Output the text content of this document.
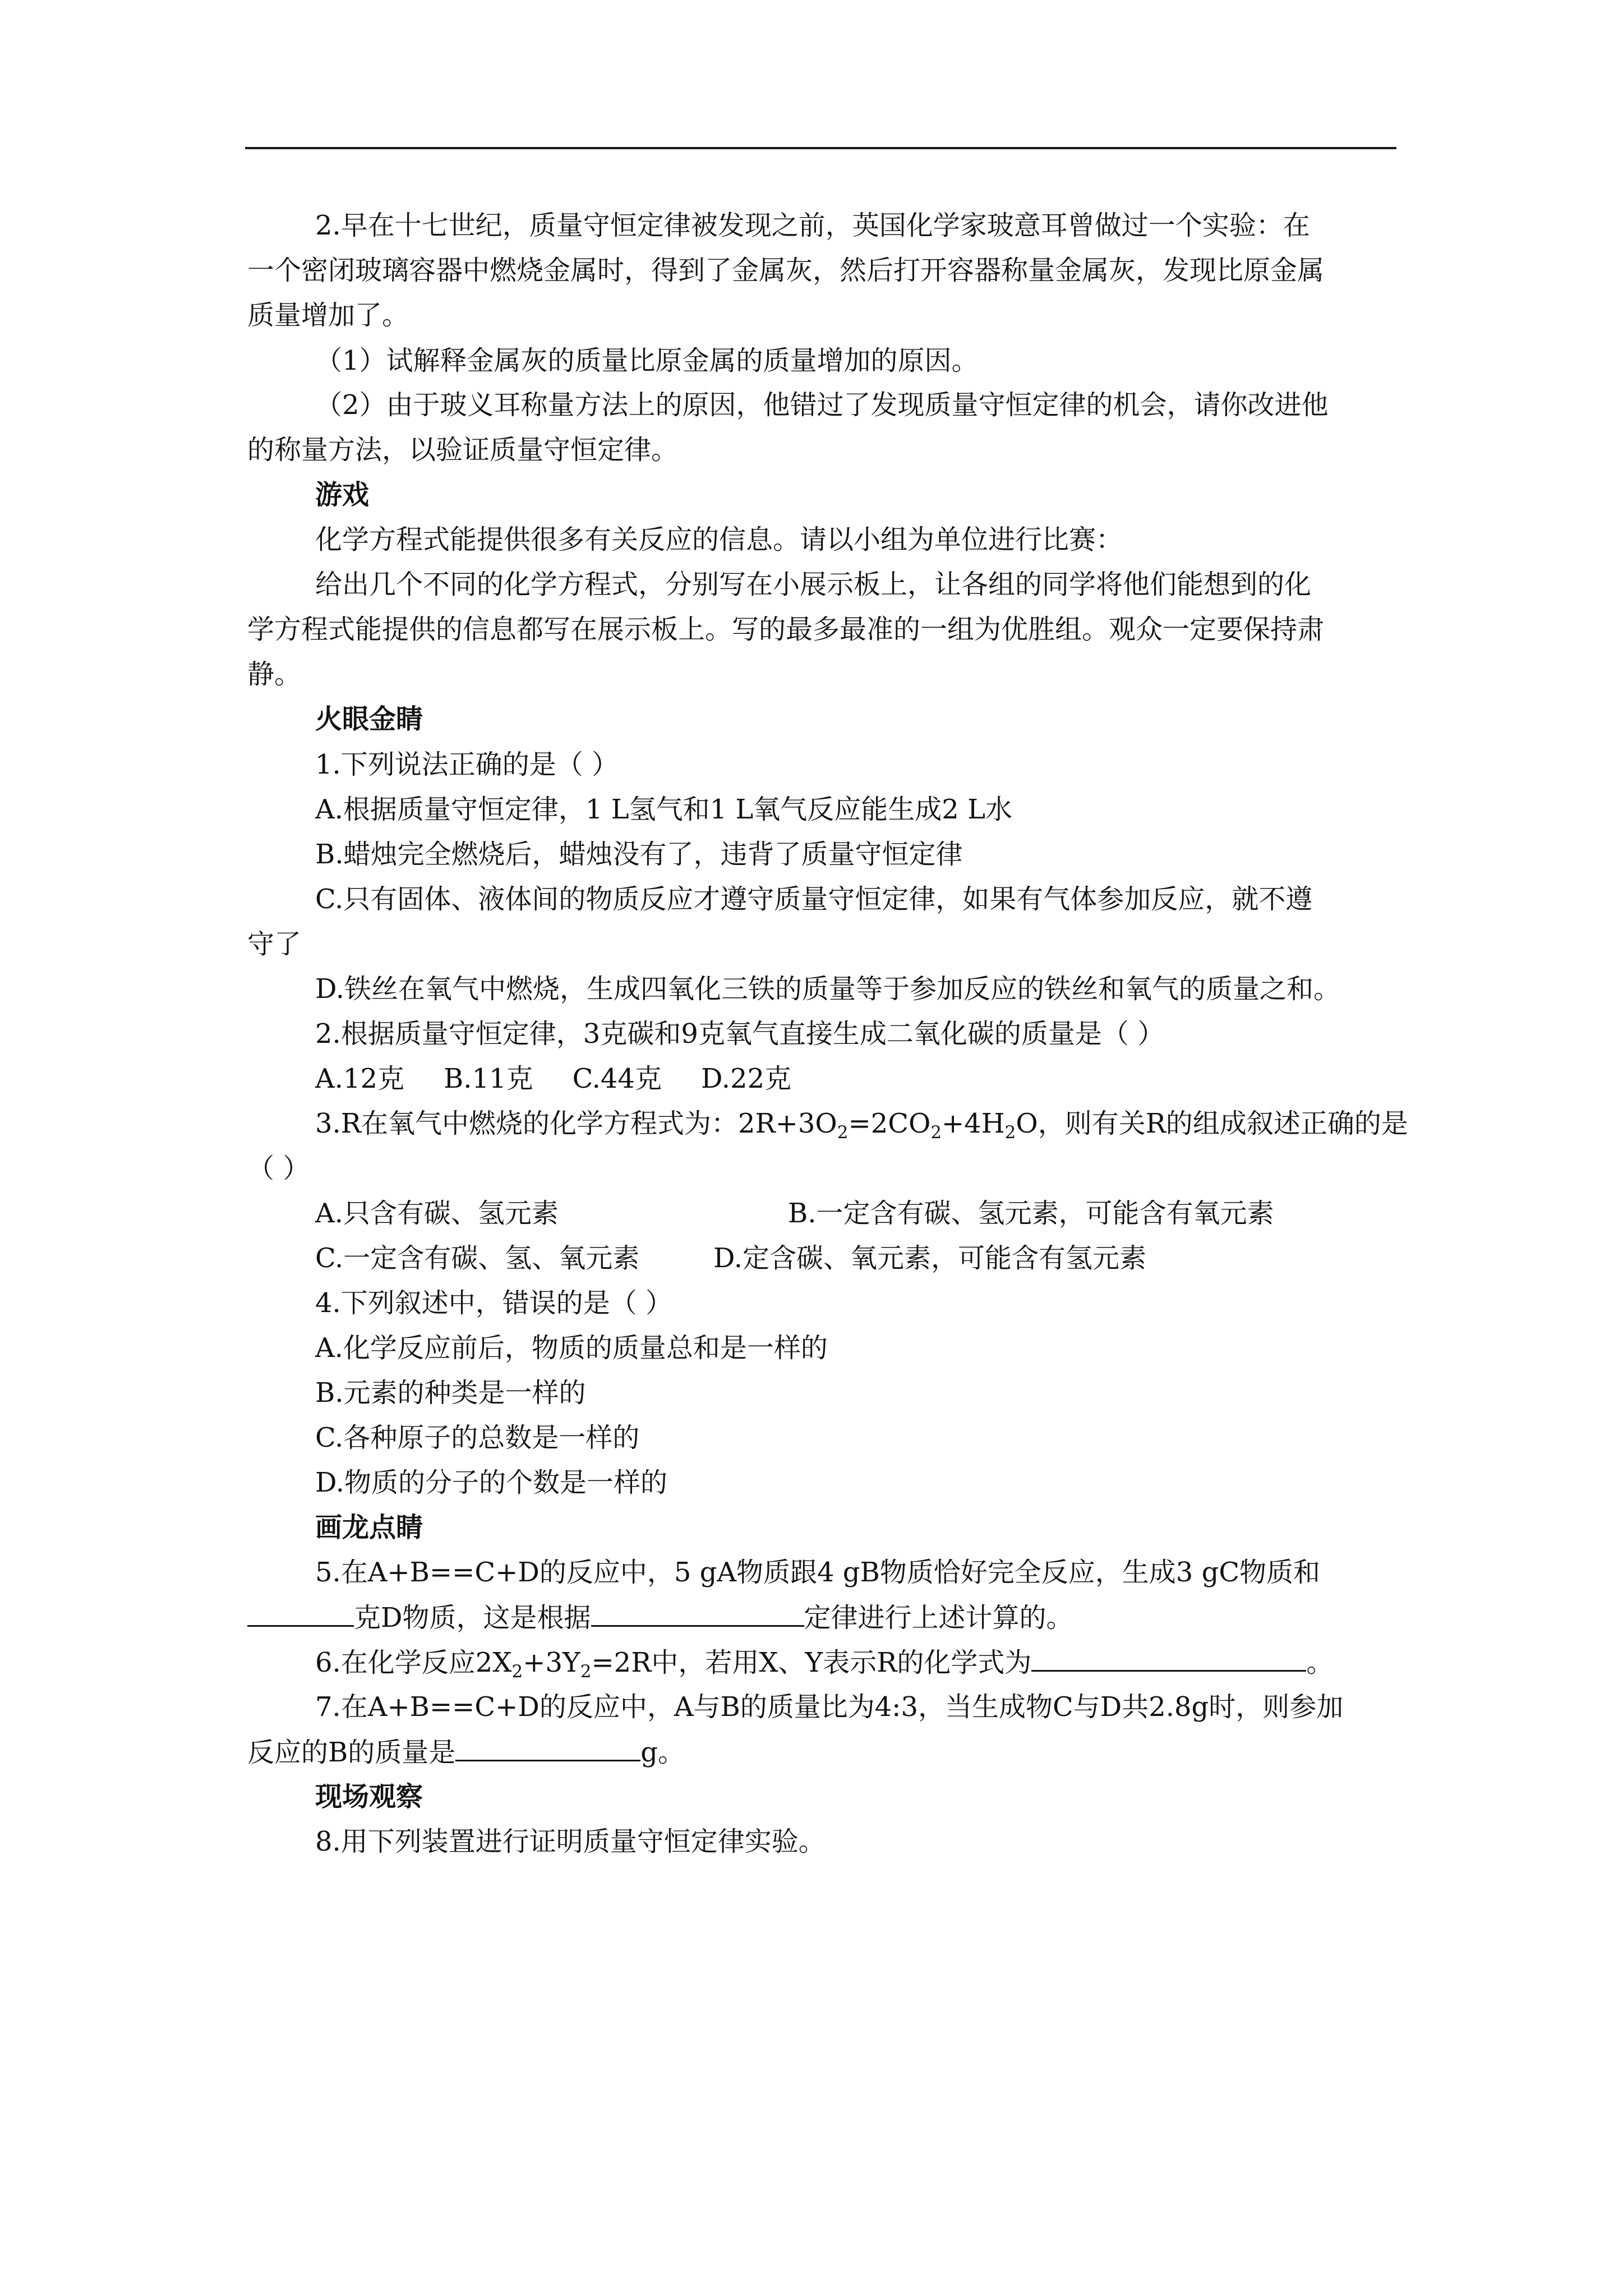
2.早在十七世纪，质量守恒定律被发现之前，英国化学家玻意耳曾做过一个实验：在
一个密闭玻璃容器中燃烧金属时，得到了金属灰，然后打开容器称量金属灰，发现比原金属
质量增加了。
（1）试解释金属灰的质量比原金属的质量增加的原因。
（2）由于玻义耳称量方法上的原因，他错过了发现质量守恒定律的机会，请你改进他
的称量方法，以验证质量守恒定律。
游戏
化学方程式能提供很多有关反应的信息。请以小组为单位进行比赛：
给出几个不同的化学方程式，分别写在小展示板上，让各组的同学将他们能想到的化
学方程式能提供的信息都写在展示板上。写的最多最准的一组为优胜组。观众一定要保持肃
静。
火眼金睛
1.下列说法正确的是（ ）
A.根据质量守恒定律，1 L氢气和1 L氧气反应能生成2 L水
B.蜡烛完全燃烧后，蜡烛没有了，违背了质量守恒定律
C.只有固体、液体间的物质反应才遵守质量守恒定律，如果有气体参加反应，就不遵
守了
D.铁丝在氧气中燃烧，生成四氧化三铁的质量等于参加反应的铁丝和氧气的质量之和。
2.根据质量守恒定律，3克碳和9克氧气直接生成二氧化碳的质量是（ ）
A.12克 B.11克 C.44克 D.22克
3.R在氧气中燃烧的化学方程式为：$2R+3O_2=2CO_2+4H_2O$，则有关R的组成叙述正确的是
（ ）
A.只含有碳、氢元素	B.一定含有碳、氢元素，可能含有氧元素
C.一定含有碳、氢、氧元素	D.定含碳、氧元素，可能含有氢元素
4.下列叙述中，错误的是（ ）
A.化学反应前后，物质的质量总和是一样的
B.元素的种类是一样的
C.各种原子的总数是一样的
D.物质的分子的个数是一样的
画龙点睛
5.在A+B==C+D的反应中，5 gA物质跟4 gB物质恰好完全反应，生成3 gC物质和
克D物质，这是根据	定律进行上述计算的。
6.在化学反应$2X_2+3Y_2=2R$中，若用X、Y表示R的化学式为	。
7.在A+B==C+D的反应中，A与B的质量比为4:3，当生成物C与D共2.8g时，则参加
反应的B的质量是	g。
现场观察
8.用下列装置进行证明质量守恒定律实验。
